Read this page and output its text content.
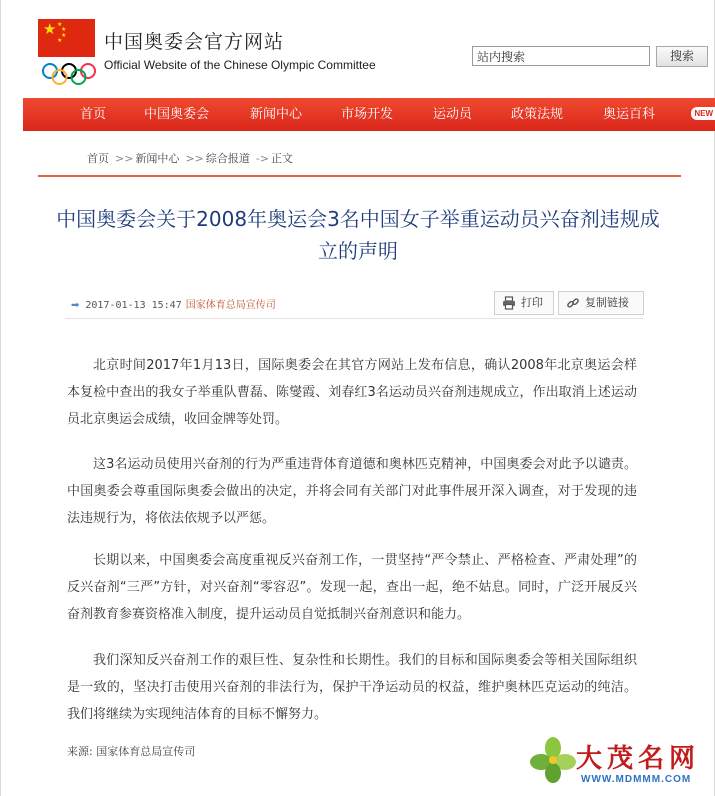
★ ★
★
★
★ 中国奥委会官方网站
Official Website of the Chinese Olympic Committee
站内搜索
搜索
首页	中国奥委会	新闻中心	市场开发	运动员	政策法规	奥运百科	NEW
首页 >> 新闻中心 >> 综合报道 -> 正文
中国奥委会关于2008年奥运会3名中国女子举重运动员兴奋剂违规成
立的声明
➡ 2017-01-13 15:47 国家体育总局宣传司	打印	复制链接
北京时间2017年1月13日，国际奥委会在其官方网站上发布信息，确认2008年北京奥运会样本复检中查出的我女子举重队曹磊、陈燮霞、刘春红3名运动员兴奋剂违规成立，作出取消上述运动员北京奥运会成绩，收回金牌等处罚。
这3名运动员使用兴奋剂的行为严重违背体育道德和奥林匹克精神，中国奥委会对此予以谴责。中国奥委会尊重国际奥委会做出的决定，并将会同有关部门对此事件展开深入调查，对于发现的违法违规行为，将依法依规予以严惩。
长期以来，中国奥委会高度重视反兴奋剂工作，一贯坚持“严令禁止、严格检查、严肃处理”的反兴奋剂“三严”方针，对兴奋剂“零容忍”。发现一起，查出一起，绝不姑息。同时，广泛开展反兴奋剂教育参赛资格准入制度，提升运动员自觉抵制兴奋剂意识和能力。
我们深知反兴奋剂工作的艰巨性、复杂性和长期性。我们的目标和国际奥委会等相关国际组织是一致的，坚决打击使用兴奋剂的非法行为，保护干净运动员的权益，维护奥林匹克运动的纯洁。我们将继续为实现纯洁体育的目标不懈努力。
来源: 国家体育总局宣传司	大茂名网
WWW.MDMMM.COM
